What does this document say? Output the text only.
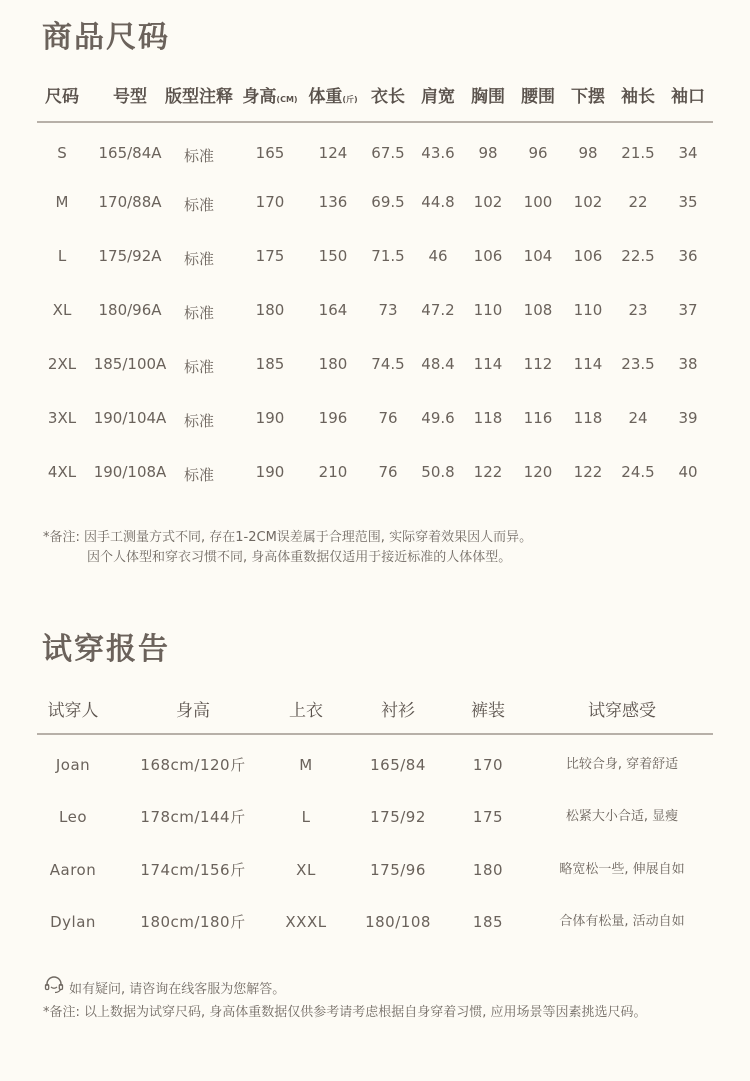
商品尺码
尺码 号型 版型注释 身高(CM) 体重(斤) 衣长 肩宽 胸围 腰围 下摆 袖长 袖口
S 165/84A 标准	165 124 67.5 43.6 98 96 98 21.5 34
M 170/88A 标准	170 136 69.5 44.8 102 100 102 22 35
L 175/92A 标准	175 150 71.5 46 106 104 106 22.5 36
XL 180/96A 标准	180 164 73 47.2 110 108 110 23 37
2XL 185/100A 标准	185 180 74.5 48.4 114 112 114 23.5 38
3XL 190/104A 标准	190 196 76 49.6 118 116 118 24 39
4XL 190/108A 标准	190 210 76 50.8 122 120 122 24.5 40
*备注: 因手工测量方式不同, 存在1-2CM误差属于合理范围, 实际穿着效果因人而异。
因个人体型和穿衣习惯不同, 身高体重数据仅适用于接近标准的人体体型。
试穿报告
试穿人	身高	上衣	衬衫	裤装	试穿感受
Joan	168cm/120斤	M	165/84	170	比较合身, 穿着舒适
Leo	178cm/144斤	L	175/92	175	松紧大小合适, 显瘦
Aaron	174cm/156斤	XL	175/96	180	略宽松一些, 伸展自如
Dylan	180cm/180斤	XXXL	180/108	185	合体有松量, 活动自如
如有疑问, 请咨询在线客服为您解答。
*备注: 以上数据为试穿尺码, 身高体重数据仅供参考请考虑根据自身穿着习惯, 应用场景等因素挑选尺码。
